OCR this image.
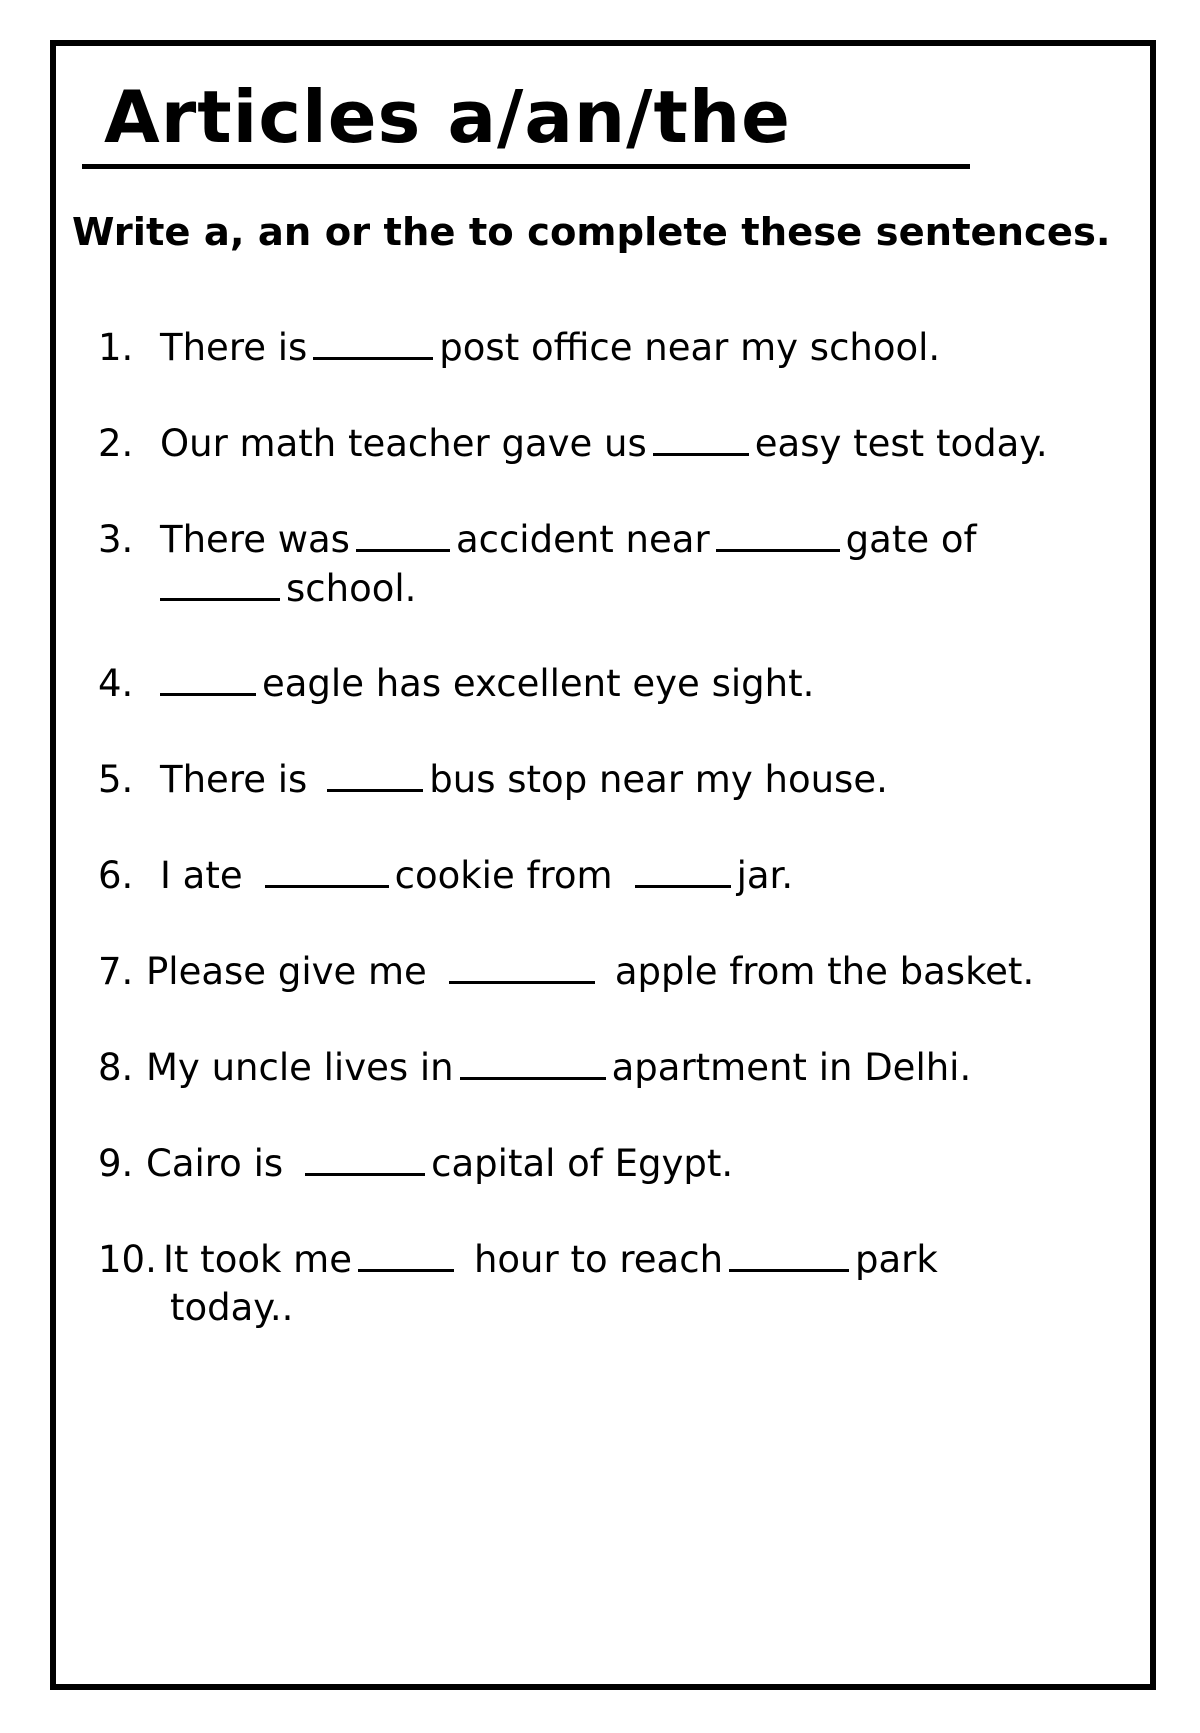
Articles a/an/the

Write a, an or the to complete these sentences.

1. There is	post office near my school.
2. Our math teacher gave us	easy test today.
3. There was	accident near	gate of
school.
4.	eagle has excellent eye sight.
5. There is	bus stop near my house.
6. I ate	cookie from	jar.
7. Please give me	apple from the basket.
8. My uncle lives in	apartment in Delhi.
9. Cairo is	capital of Egypt.
10. It took me	hour to reach	park
today..
